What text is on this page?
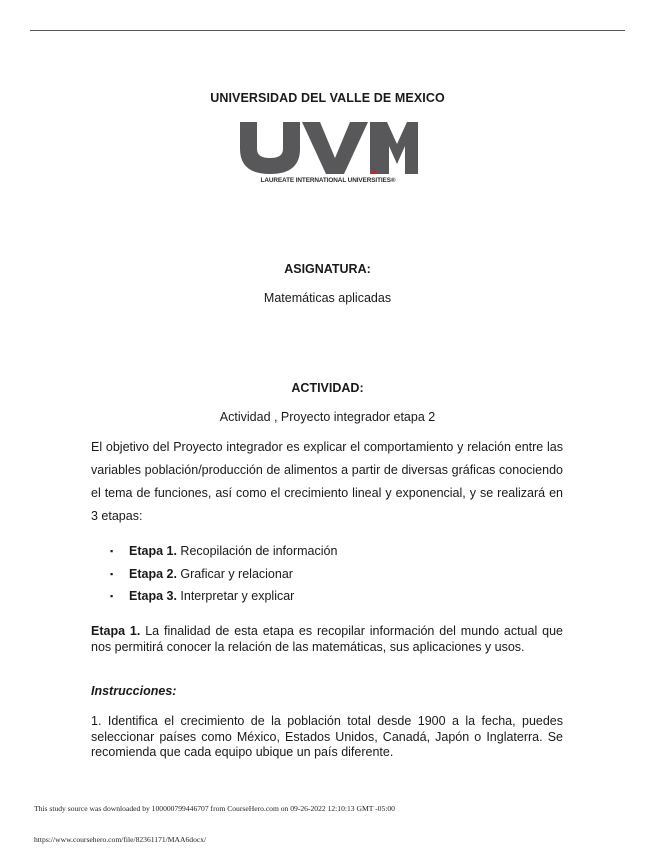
UNIVERSIDAD DEL VALLE DE MEXICO
LAUREATE INTERNATIONAL UNIVERSITIES®
ASIGNATURA:
Matemáticas aplicadas
ACTIVIDAD:
Actividad , Proyecto integrador etapa 2

El objetivo del Proyecto integrador es explicar el comportamiento y relación entre las variables población/producción de alimentos a partir de diversas gráficas conociendo el tema de funciones, así como el crecimiento lineal y exponencial, y se realizará en 3 etapas:

▪ Etapa 1. Recopilación de información
▪ Etapa 2. Graficar y relacionar
▪ Etapa 3. Interpretar y explicar

Etapa 1. La finalidad de esta etapa es recopilar información del mundo actual que nos permitirá conocer la relación de las matemáticas, sus aplicaciones y usos.

Instrucciones:

1. Identifica el crecimiento de la población total desde 1900 a la fecha, puedes seleccionar países como México, Estados Unidos, Canadá, Japón o Inglaterra. Se recomienda que cada equipo ubique un país diferente.

This study source was downloaded by 100000799446707 from CourseHero.com on 09-26-2022 12:10:13 GMT -05:00
https://www.coursehero.com/file/82361171/MAA6docx/
